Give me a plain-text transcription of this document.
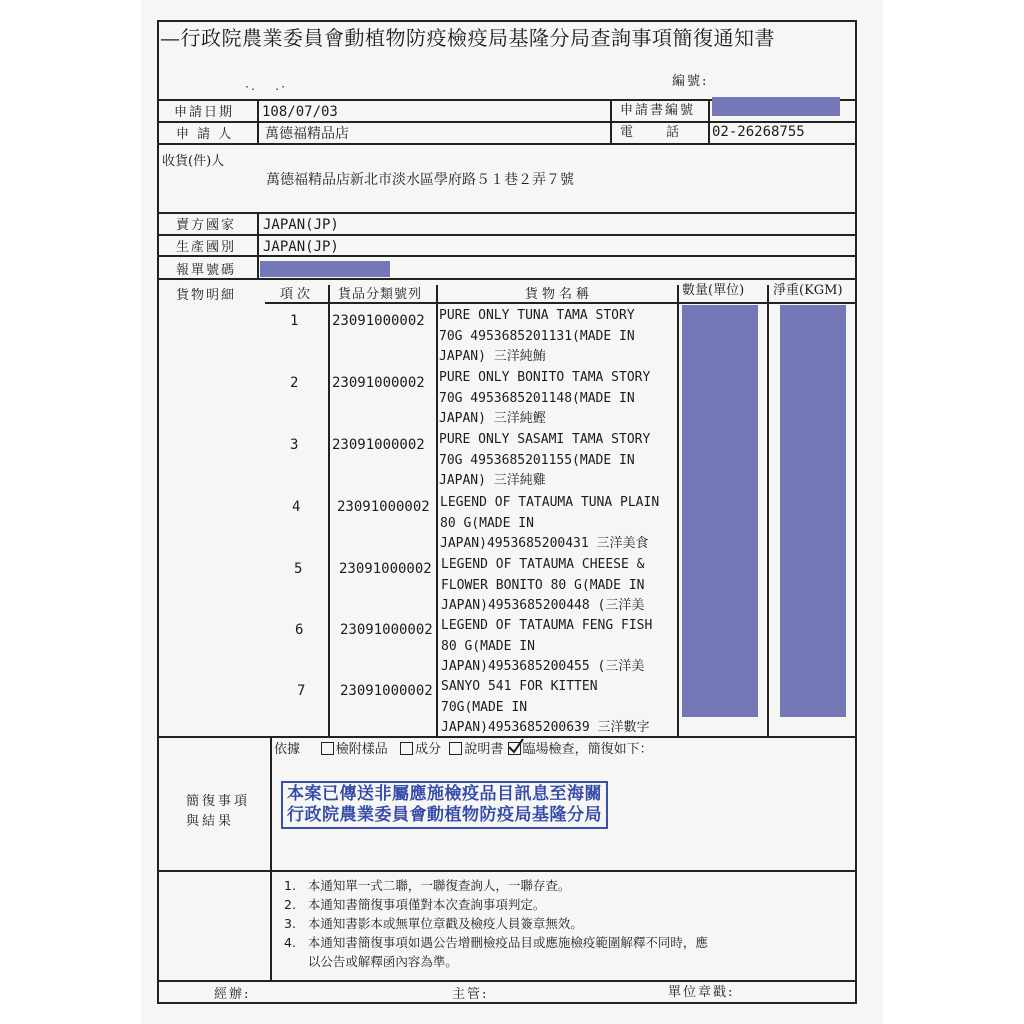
—行政院農業委員會動植物防疫檢疫局基隆分局查詢事項簡復通知書
·.   .·	編號:
申請日期 108/07/03	申請書編號
申 請 人 萬德福精品店	電        話 02-26268755
收貨(件)人
萬德福精品店新北市淡水區學府路５１巷２弄７號
賣方國家 JAPAN(JP)
生產國別 JAPAN(JP)
報單號碼
貨物明細	項次 貨品分類號列	貨物名稱	數量(單位) 淨重(KGM)
1 23091000002 PURE ONLY TUNA TAMA STORY
70G 4953685201131(MADE IN
JAPAN) 三洋純鮪
2 23091000002 PURE ONLY BONITO TAMA STORY
70G 4953685201148(MADE IN
JAPAN) 三洋純鰹
3 23091000002 PURE ONLY SASAMI TAMA STORY
70G 4953685201155(MADE IN
JAPAN) 三洋純雞
4	23091000002 LEGEND OF TATAUMA TUNA PLAIN
80 G(MADE IN
JAPAN)4953685200431 三洋美食
5	23091000002 LEGEND OF TATAUMA CHEESE &
FLOWER BONITO 80 G(MADE IN
JAPAN)4953685200448 (三洋美
6	23091000002 LEGEND OF TATAUMA FENG FISH
80 G(MADE IN
JAPAN)4953685200455 (三洋美
7 23091000002 SANYO 541 FOR KITTEN
70G(MADE IN
JAPAN)4953685200639 三洋數字
依據	檢附樣品 成分 說明書 臨場檢查，簡復如下：
簡復事項
與結果
本案已傳送非屬應施檢疫品目訊息至海關
行政院農業委員會動植物防疫局基隆分局
1.   本通知單一式二聯，一聯復查詢人，一聯存查。
2.   本通知書簡復事項僅對本次查詢事項判定。
3.   本通知書影本或無單位章戳及檢疫人員簽章無效。
4.   本通知書簡復事項如遇公告增刪檢疫品目或應施檢疫範圍解釋不同時，應
以公告或解釋函內容為準。
經辦:	主管:	單位章戳:
